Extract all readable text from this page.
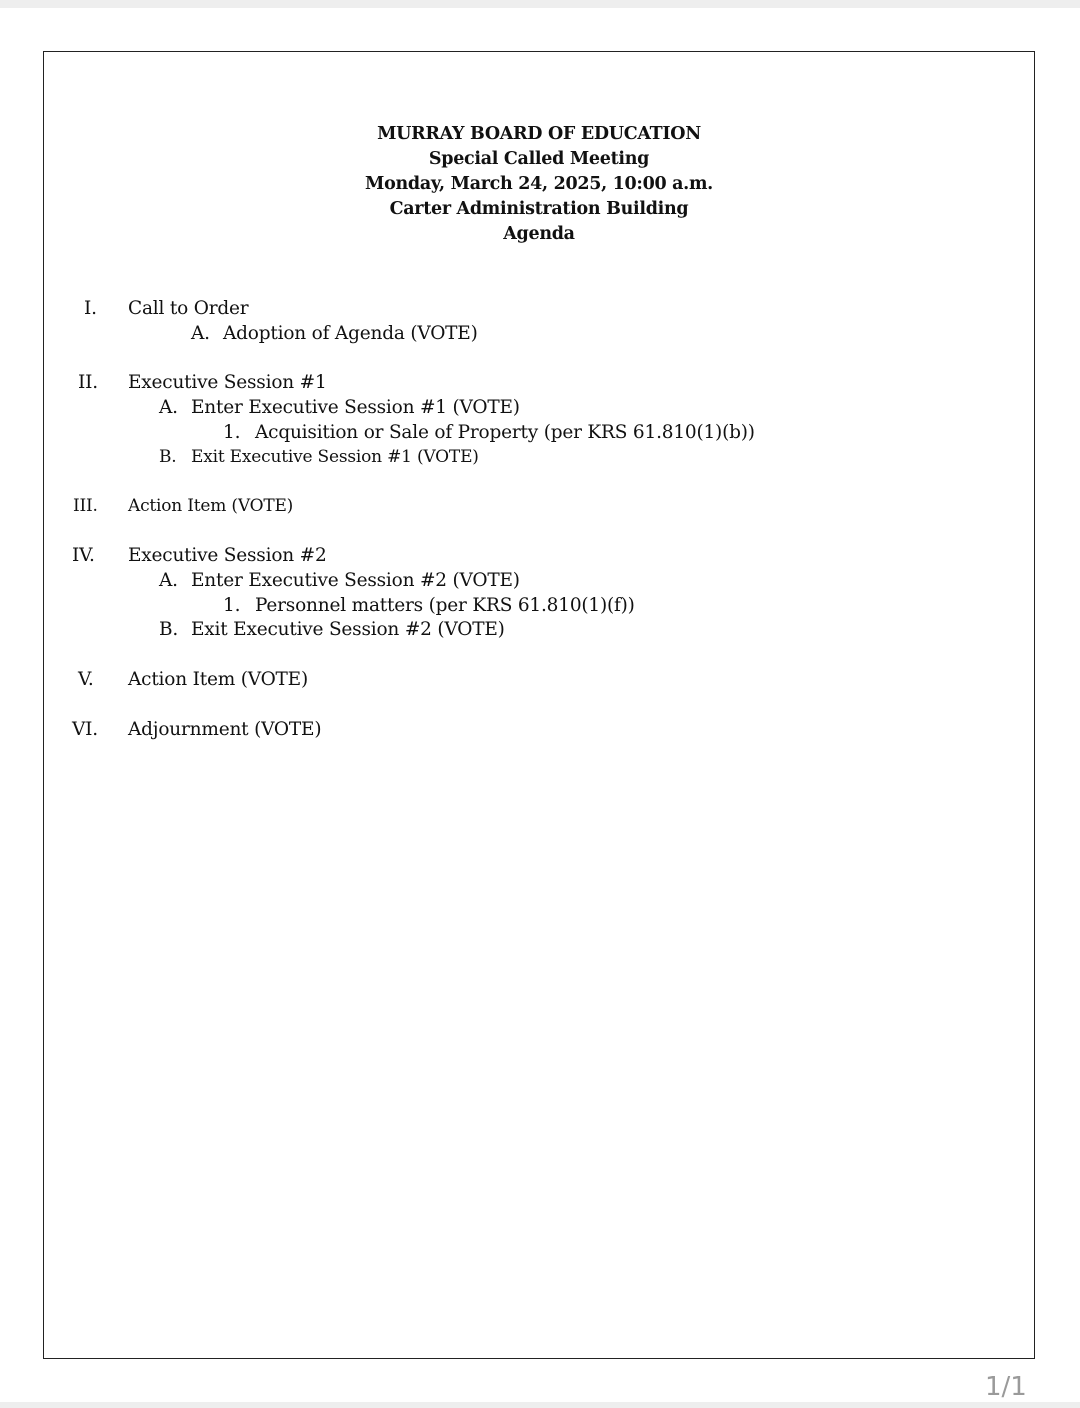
MURRAY BOARD OF EDUCATION
Special Called Meeting
Monday, March 24, 2025, 10:00 a.m.
Carter Administration Building
Agenda
I. Call to Order
A. Adoption of Agenda (VOTE)
II. Executive Session #1
A. Enter Executive Session #1 (VOTE)
1. Acquisition or Sale of Property (per KRS 61.810(1)(b))
B. Exit Executive Session #1 (VOTE)
III. Action Item (VOTE)
IV. Executive Session #2
A. Enter Executive Session #2 (VOTE)
1. Personnel matters (per KRS 61.810(1)(f))
B. Exit Executive Session #2 (VOTE)
V. Action Item (VOTE)
VI. Adjournment (VOTE)
1/1
